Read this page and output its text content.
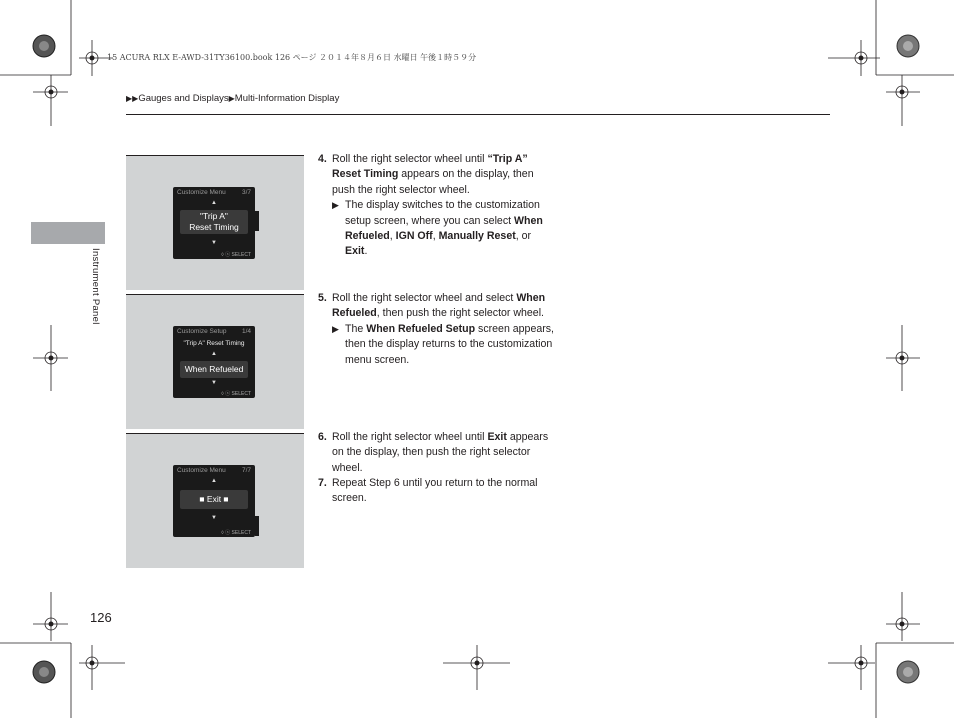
15 ACURA RLX E-AWD-31TY36100.book 126 ページ ２０１４年８月６日 水曜日 午後１時５９分
▶▶Gauges and Displays▶Multi-Information Display
Instrument Panel
Customize Menu 3/7
▲
"Trip A"
Reset Timing
▼
◊ ⓢ SELECT
Customize Setup 1/4
"Trip A" Reset Timing
▲
When Refueled
▼
◊ ⓢ SELECT
Customize Menu 7/7
▲
■ Exit ■
▼
◊ ⓢ SELECT
4. Roll the right selector wheel until “Trip A” Reset Timing appears on the display, then push the right selector wheel.
▶ The display switches to the customization setup screen, where you can select When Refueled, IGN Off, Manually Reset, or Exit.
5. Roll the right selector wheel and select When Refueled, then push the right selector wheel.
▶ The When Refueled Setup screen appears, then the display returns to the customization menu screen.
6. Roll the right selector wheel until Exit appears on the display, then push the right selector wheel.
7. Repeat Step 6 until you return to the normal screen.
126
